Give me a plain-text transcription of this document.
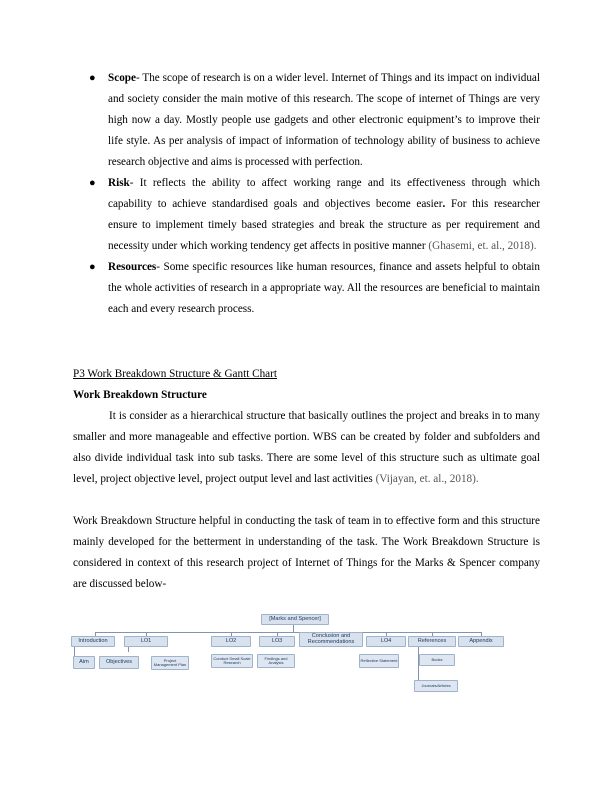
● Scope- The scope of research is on a wider level. Internet of Things and its impact on individual and society consider the main motive of this research. The scope of internet of Things are very high now a day. Mostly people use gadgets and other electronic equipment’s to improve their life style. As per analysis of impact of information of technology ability of business to achieve research objective and aims is processed with perfection.
● Risk- It reflects the ability to affect working range and its effectiveness through which capability to achieve standardised goals and objectives become easier. For this researcher ensure to implement timely based strategies and break the structure as per requirement and necessity under which working tendency get affects in positive manner (Ghasemi, et. al., 2018).
● Resources- Some specific resources like human resources, finance and assets helpful to obtain the whole activities of research in a appropriate way. All the resources are beneficial to maintain each and every research process.
P3 Work Breakdown Structure & Gantt Chart
Work Breakdown Structure

It is consider as a hierarchical structure that basically outlines the project and breaks in to many smaller and more manageable and effective portion. WBS can be created by folder and subfolders and also divide individual task into sub tasks. There are some level of this structure such as ultimate goal level, project objective level, project output level and last activities (Vijayan, et. al., 2018).

Work Breakdown Structure helpful in conducting the task of team in to effective form and this structure mainly developed for the betterment in understanding of the task. The Work Breakdown Structure is considered in context of this research project of Internet of Things for the Marks & Spencer company are discussed below-

[Marks and Spencer]
Introduction	LO1	LO2	LO3
Conclusion and Recommendations	LO4	References	Appendix
Aim	Objectives	Project Management Plan
Conduct Small Scale Research
Findings and Analysis	Reflective Statement	Books
Journals/Articles
